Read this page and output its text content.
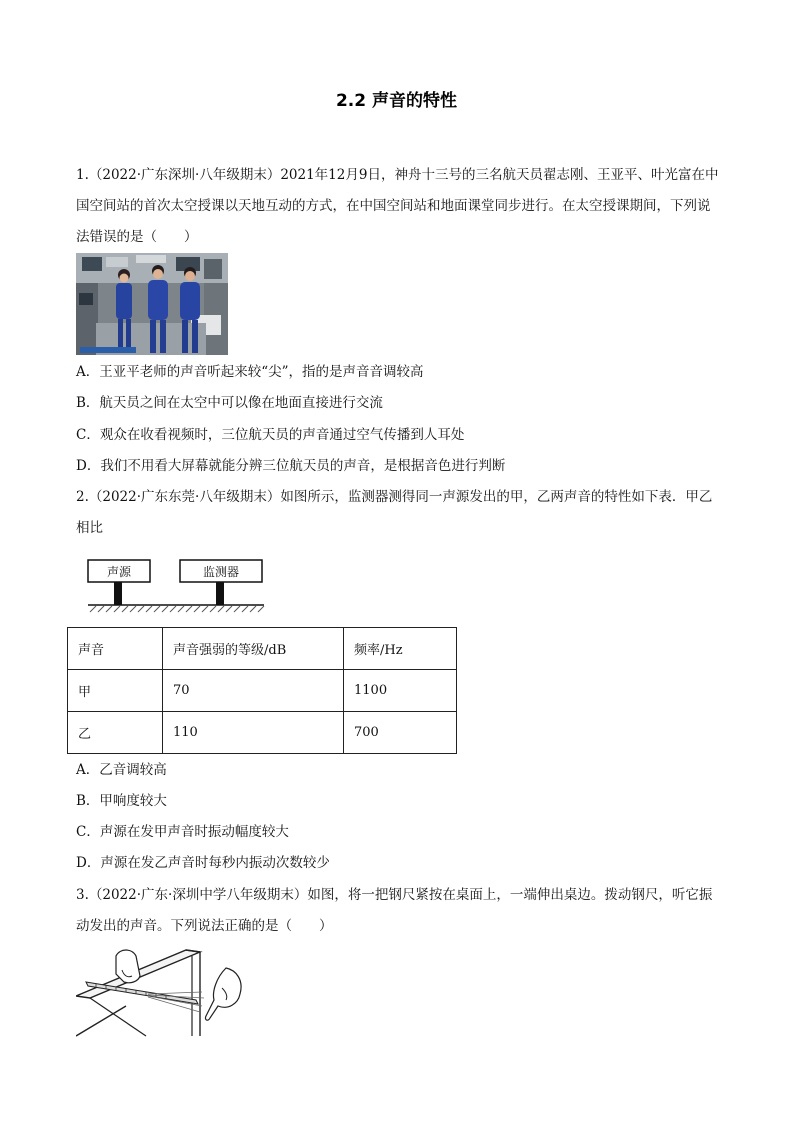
2.2 声音的特性
1.（2022·广东深圳·八年级期末）2021年12月9日，神舟十三号的三名航天员翟志刚、王亚平、叶光富在中国空间站的首次太空授课以天地互动的方式，在中国空间站和地面课堂同步进行。在太空授课期间，下列说法错误的是（　　）
A．王亚平老师的声音听起来较“尖”，指的是声音音调较高
B．航天员之间在太空中可以像在地面直接进行交流
C．观众在收看视频时，三位航天员的声音通过空气传播到人耳处
D．我们不用看大屏幕就能分辨三位航天员的声音，是根据音色进行判断
2.（2022·广东东莞·八年级期末）如图所示，监测器测得同一声源发出的甲，乙两声音的特性如下表．甲乙相比
声源	监测器
声音	声音强弱的等级/dB	频率/Hz
甲	70	1100
乙	110	700
A．乙音调较高
B．甲响度较大
C．声源在发甲声音时振动幅度较大
D．声源在发乙声音时每秒内振动次数较少
3.（2022·广东·深圳中学八年级期末）如图，将一把钢尺紧按在桌面上，一端伸出桌边。拨动钢尺，听它振动发出的声音。下列说法正确的是（　　）
